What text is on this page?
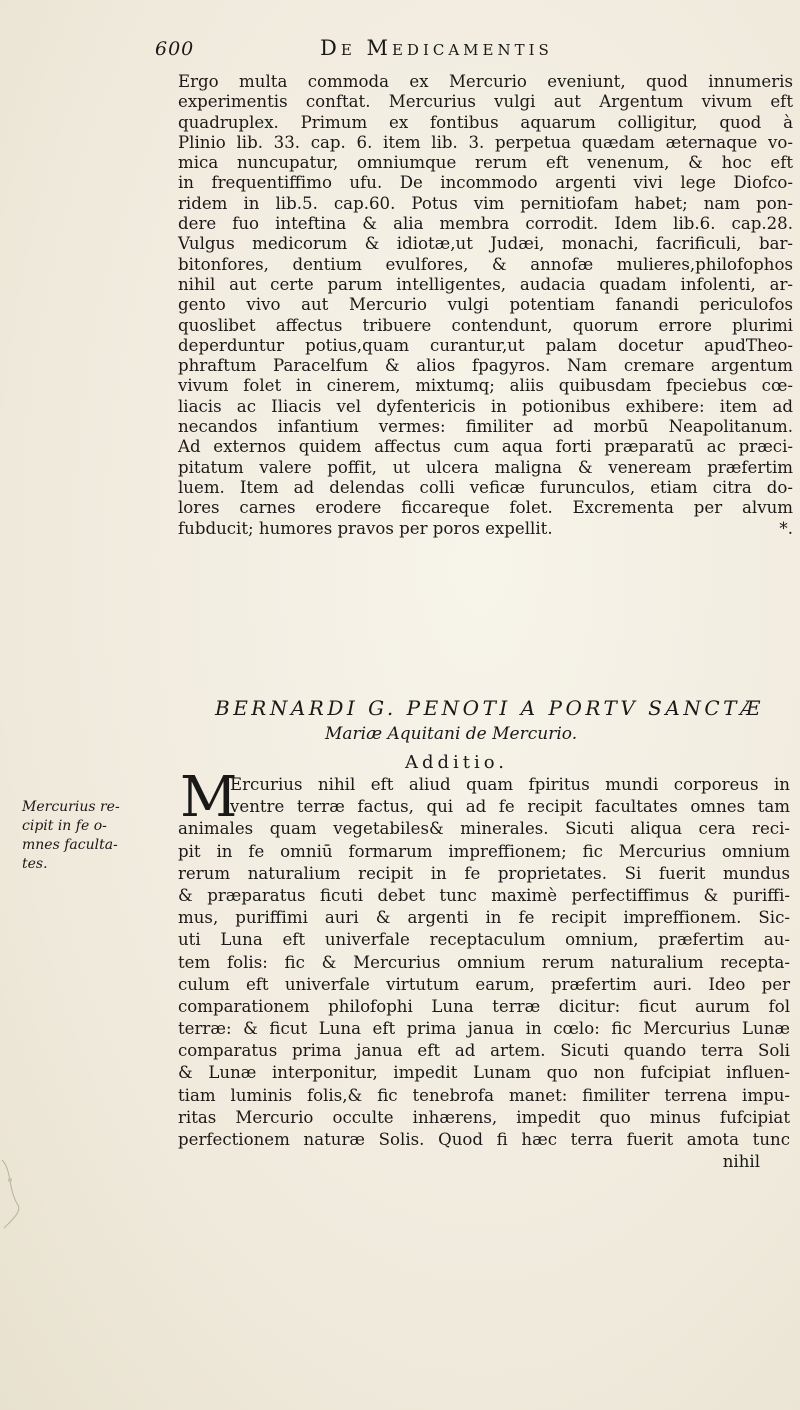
600	De Medicamentis
Ergo multa commoda ex Mercurio eveniunt, quod innumeris
experimentis conftat. Mercurius vulgi aut Argentum vivum eft
quadruplex. Primum ex fontibus aquarum colligitur, quod à
Plinio lib. 33. cap. 6. item lib. 3. perpetua quædam æternaque vo-
mica nuncupatur, omniumque rerum eft venenum, & hoc eft
in frequentiffimo ufu. De incommodo argenti vivi lege Diofco-
ridem in lib.5. cap.60. Potus vim pernitiofam habet; nam pon-
dere fuo inteftina & alia membra corrodit. Idem lib.6. cap.28.
Vulgus medicorum & idiotæ,ut Judæi, monachi, facrificuli, bar-
bitonfores, dentium evulfores, & annofæ mulieres,philofophos
nihil aut certe parum intelligentes, audacia quadam infolenti, ar-
gento vivo aut Mercurio vulgi potentiam fanandi periculofos
quoslibet affectus tribuere contendunt, quorum errore plurimi
deperduntur potius,quam curantur,ut palam docetur apudTheo-
phraftum Paracelfum & alios fpagyros. Nam cremare argentum
vivum folet in cinerem, mixtumq; aliis quibusdam fpeciebus cœ-
liacis ac Iliacis vel dyfentericis in potionibus exhibere: item ad
necandos infantium vermes: fimiliter ad morbū Neapolitanum.
Ad externos quidem affectus cum aqua forti præparatū ac præci-
pitatum valere poffit, ut ulcera maligna & veneream præfertim
luem. Item ad delendas colli veficæ furunculos, etiam citra do-
lores carnes erodere ficcareque folet. Excrementa per alvum
fubducit; humores pravos per poros expellit.	*.
BERNARDI G. PENOTI A PORTV SANCTÆ
Mariæ Aquitani de Mercurio.
Additio.
Mercurius re-
cipit in fe o-
mnes faculta-
tes.
M
Ercurius nihil eft aliud quam fpiritus mundi corporeus in
ventre terræ factus, qui ad fe recipit facultates omnes tam
animales quam vegetabiles& minerales. Sicuti aliqua cera reci-
pit in fe omniū formarum impreffionem; fic Mercurius omnium
rerum naturalium recipit in fe proprietates. Si fuerit mundus
& præparatus ficuti debet tunc maximè perfectiffimus & puriffi-
mus, puriffimi auri & argenti in fe recipit impreffionem. Sic-
uti Luna eft univerfale receptaculum omnium, præfertim au-
tem folis: fic & Mercurius omnium rerum naturalium recepta-
culum eft univerfale virtutum earum, præfertim auri. Ideo per
comparationem philofophi Luna terræ dicitur: ficut aurum fol
terræ: & ficut Luna eft prima janua in cœlo: fic Mercurius Lunæ
comparatus prima janua eft ad artem. Sicuti quando terra Soli
& Lunæ interponitur, impedit Lunam quo non fufcipiat influen-
tiam luminis folis,& fic tenebrofa manet: fimiliter terrena impu-
ritas Mercurio occulte inhærens, impedit quo minus fufcipiat
perfectionem naturæ Solis. Quod fi hæc terra fuerit amota tunc
nihil
